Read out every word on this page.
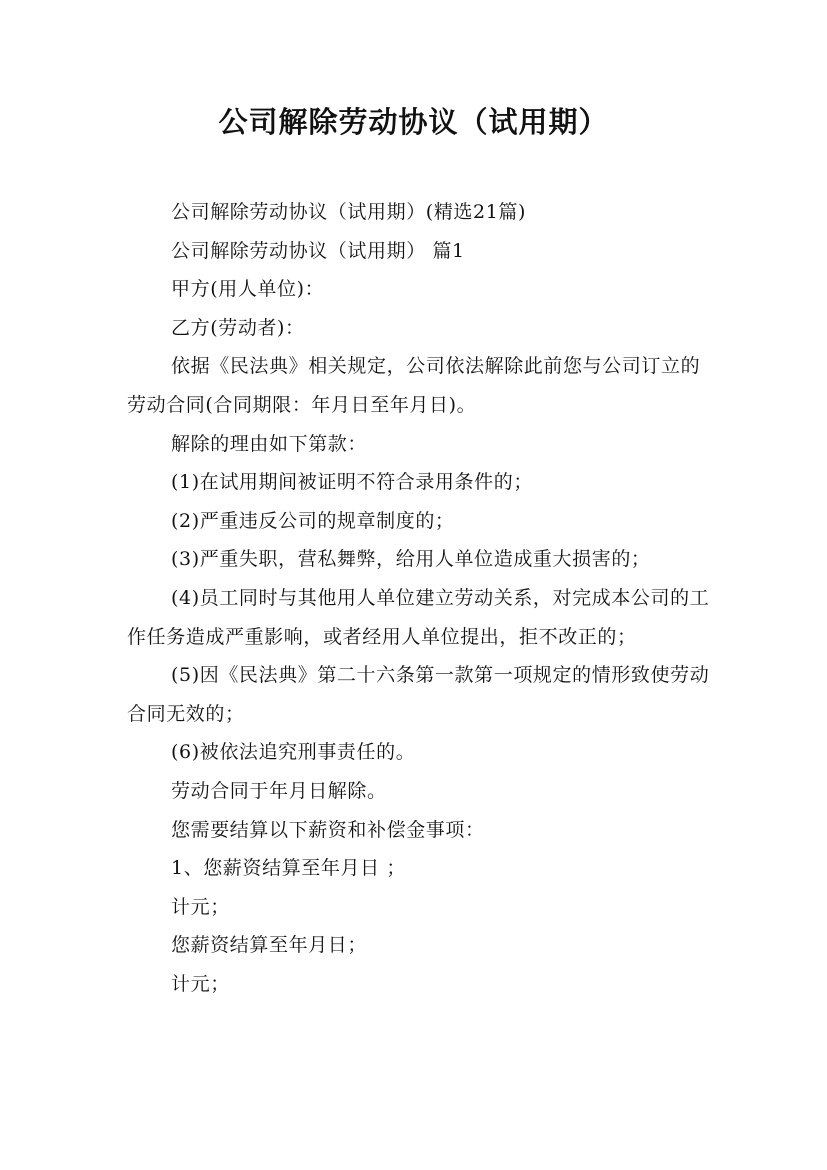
公司解除劳动协议（试用期）

公司解除劳动协议（试用期）(精选21篇)

公司解除劳动协议（试用期） 篇1

甲方(用人单位)：

乙方(劳动者)：

依据《民法典》相关规定，公司依法解除此前您与公司订立的劳动合同(合同期限：年月日至年月日)。

解除的理由如下第款：

(1)在试用期间被证明不符合录用条件的；

(2)严重违反公司的规章制度的；

(3)严重失职，营私舞弊，给用人单位造成重大损害的；

(4)员工同时与其他用人单位建立劳动关系，对完成本公司的工作任务造成严重影响，或者经用人单位提出，拒不改正的；

(5)因《民法典》第二十六条第一款第一项规定的情形致使劳动合同无效的；

(6)被依法追究刑事责任的。

劳动合同于年月日解除。

您需要结算以下薪资和补偿金事项：

1、您薪资结算至年月日 ；

计元；

您薪资结算至年月日；

计元；
